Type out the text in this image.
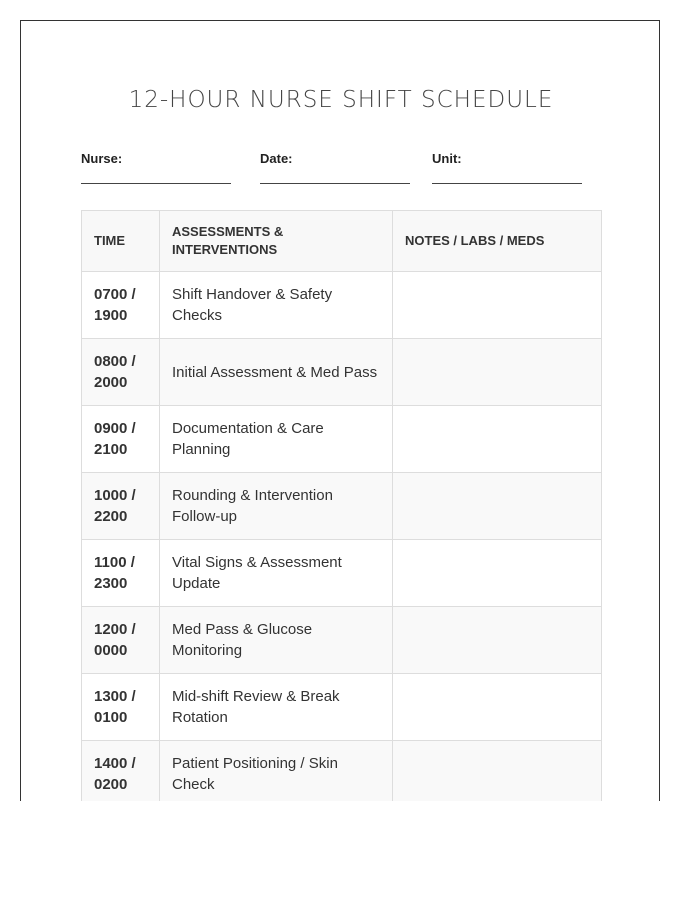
12-HOUR NURSE SHIFT SCHEDULE
Nurse:	Date:	Unit:
TIME	ASSESSMENTS & INTERVENTIONS	NOTES / LABS / MEDS
0700 / 1900	Shift Handover & Safety Checks	
0800 / 2000	Initial Assessment & Med Pass	
0900 / 2100	Documentation & Care Planning	
1000 / 2200	Rounding & Intervention Follow-up	
1100 / 2300	Vital Signs & Assessment Update	
1200 / 0000	Med Pass & Glucose Monitoring	
1300 / 0100	Mid-shift Review & Break Rotation	
1400 / 0200	Patient Positioning / Skin Check	
